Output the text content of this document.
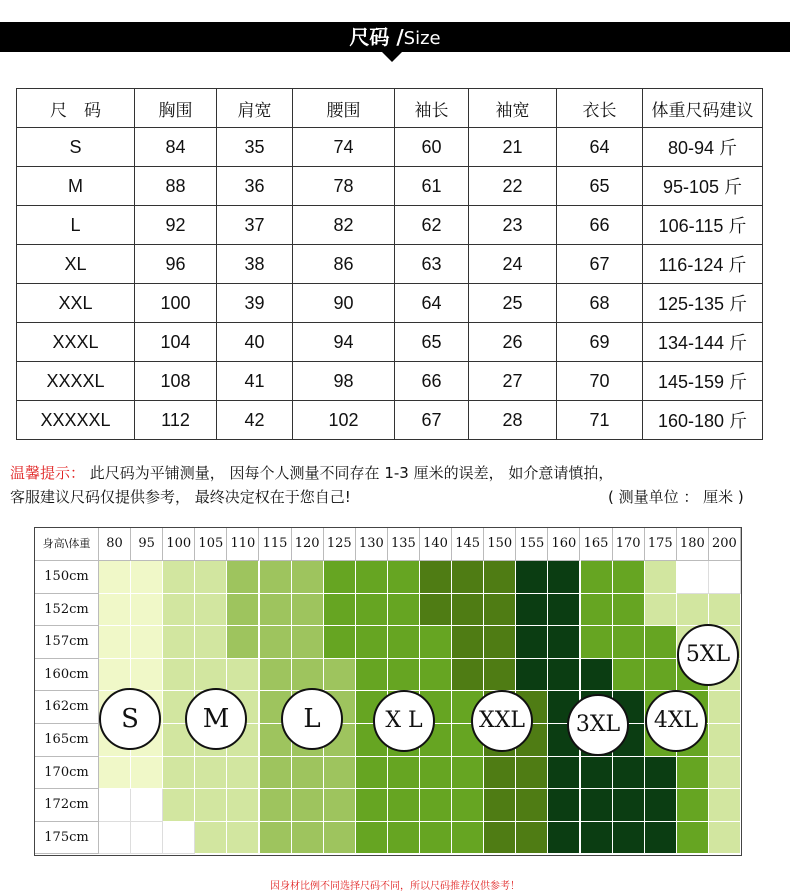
尺码 /Size
尺　码	胸围	肩宽	腰围	袖长	袖宽	衣长	体重尺码建议
S	84	35	74	60	21	64	80-94 斤
M	88	36	78	61	22	65	95-105 斤
L	92	37	82	62	23	66	106-115 斤
XL	96	38	86	63	24	67	116-124 斤
XXL	100	39	90	64	25	68	125-135 斤
XXXL	104	40	94	65	26	69	134-144 斤
XXXXL	108	41	98	66	27	70	145-159 斤
XXXXXL	112	42	102	67	28	71	160-180 斤
温馨提示： 此尺码为平铺测量， 因每个人测量不同存在 1-3 厘米的误差， 如介意请慎拍，
客服建议尺码仅提供参考， 最终决定权在于您自己!	( 测量单位 ： 厘米 )
身高\体重	80	95 100 105 110 115 120 125 130 135 140 145 150 155 160 165 170 175 180 200
150cm
152cm
157cm
160cm
162cm
165cm
170cm
172cm
175cm
S	M	L	X L	XXL	3XL	4XL
5XL
因身材比例不同选择尺码不同，所以尺码推荐仅供参考！
